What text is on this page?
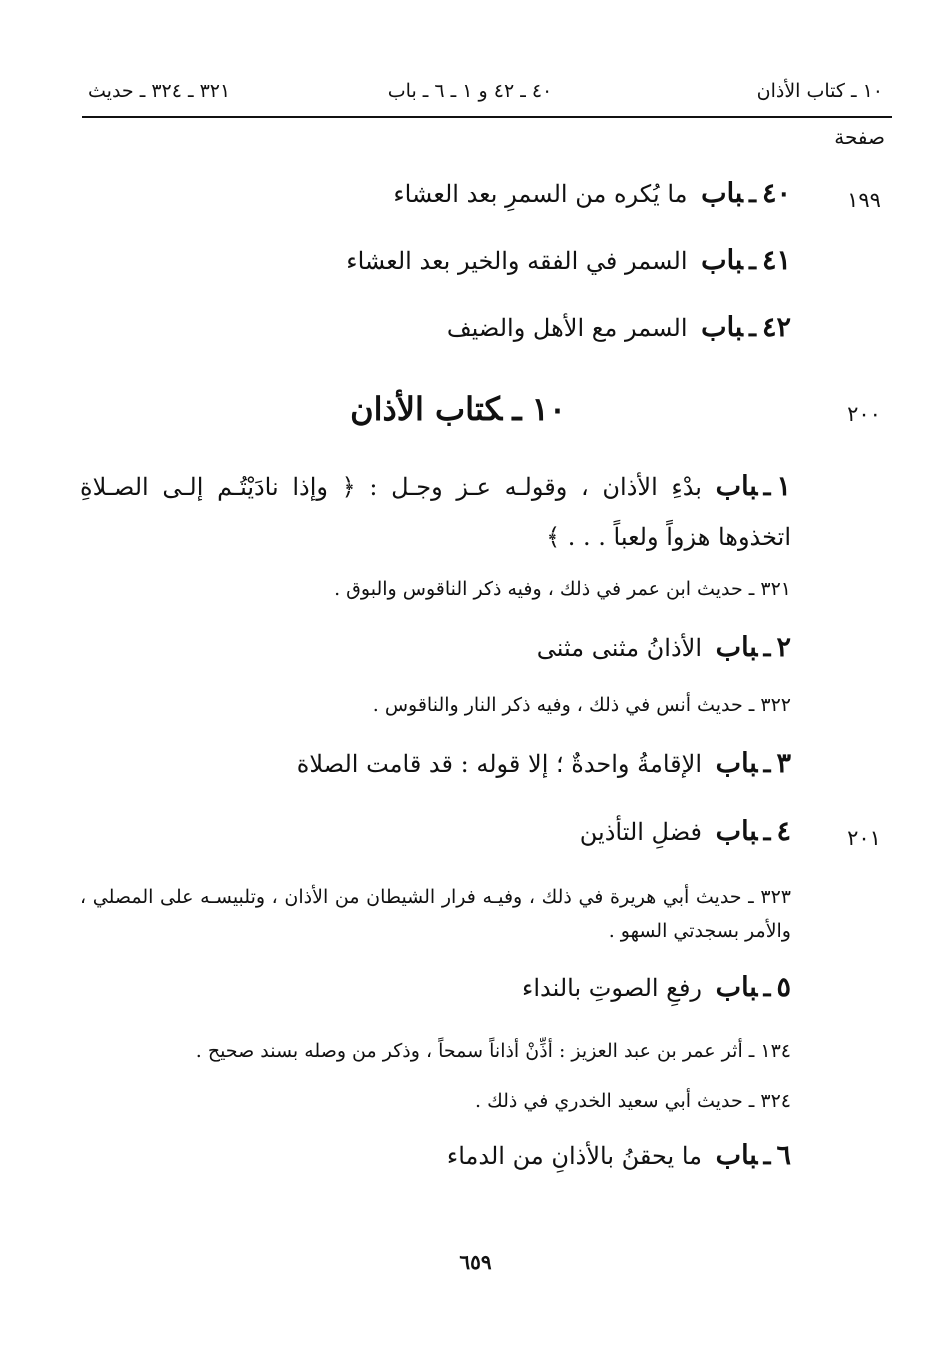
١٠ ـ كتاب الأذان
٤٠ ـ ٤٢ و ١ ـ ٦ ـ باب
٣٢١ ـ ٣٢٤ ـ حديث
صفحة
١٩٩
٢٠٠
٢٠١
٤٠ـباب ما يُكره من السمرِ بعد العشاء
٤١ـباب السمر في الفقه والخير بعد العشاء
٤٢ـباب السمر مع الأهل والضيف
١٠ـكتاب الأذان
١ـباب بدْءِ الأذان ، وقولـه عـز وجـل : ﴿ وإذا نادَيْتُـم إلـى الصـلاةِ اتخذوها هزواً ولعباً . . . ﴾
٣٢١ ـ حديث ابن عمر في ذلك ، وفيه ذكر الناقوس والبوق .
٢ـباب الأذانُ مثنى مثنى
٣٢٢ ـ حديث أنس في ذلك ، وفيه ذكر النار والناقوس .
٣ـباب الإقامةُ واحدةٌ ؛ إلا قوله : قد قامت الصلاة
٤ـباب فضلِ التأذين
٣٢٣ ـ حديث أبي هريرة في ذلك ، وفيـه فرار الشيطان من الأذان ، وتلبيسـه على المصلي ، والأمر بسجدتي السهو .
٥ـباب رفعِ الصوتِ بالنداء
١٣٤ ـ أثر عمر بن عبد العزيز : أذِّنْ أذاناً سمحاً ، وذكر من وصله بسند صحيح .
٣٢٤ ـ حديث أبي سعيد الخدري في ذلك .
٦ـباب ما يحقنُ بالأذانِ من الدماء
٦٥٩
